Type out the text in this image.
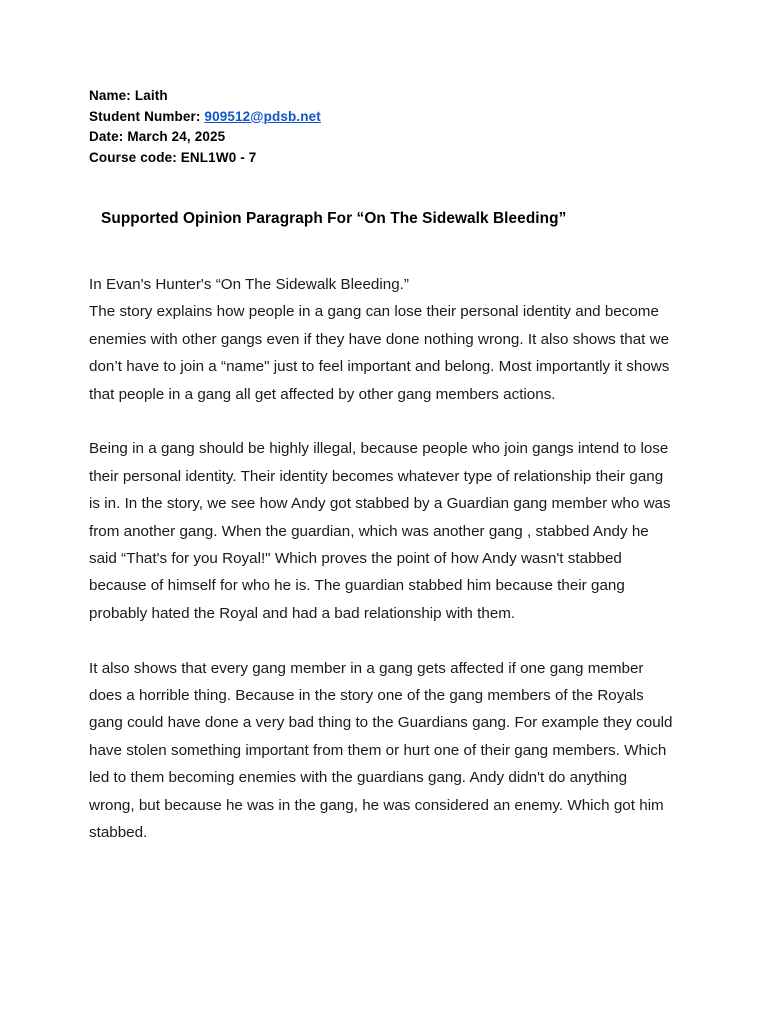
Name: Laith
Student Number: 909512@pdsb.net
Date: March 24, 2025
Course code: ENL1W0 - 7
Supported Opinion Paragraph For “On The Sidewalk Bleeding”

In Evan's Hunter's “On The Sidewalk Bleeding.”
The story explains how people in a gang can lose their personal identity and become enemies with other gangs even if they have done nothing wrong. It also shows that we don’t have to join a “name" just to feel important and belong. Most importantly it shows that people in a gang all get affected by other gang members actions.

Being in a gang should be highly illegal, because people who join gangs intend to lose their personal identity. Their identity becomes whatever type of relationship their gang is in. In the story, we see how Andy got stabbed by a Guardian gang member who was from another gang. When the guardian, which was another gang , stabbed Andy he said “That's for you Royal!" Which proves the point of how Andy wasn't stabbed because of himself for who he is. The guardian stabbed him because their gang probably hated the Royal and had a bad relationship with them.

It also shows that every gang member in a gang gets affected if one gang member does a horrible thing. Because in the story one of the gang members of the Royals gang could have done a very bad thing to the Guardians gang. For example they could have stolen something important from them or hurt one of their gang members. Which led to them becoming enemies with the guardians gang. Andy didn't do anything wrong, but because he was in the gang, he was considered an enemy. Which got him stabbed.
